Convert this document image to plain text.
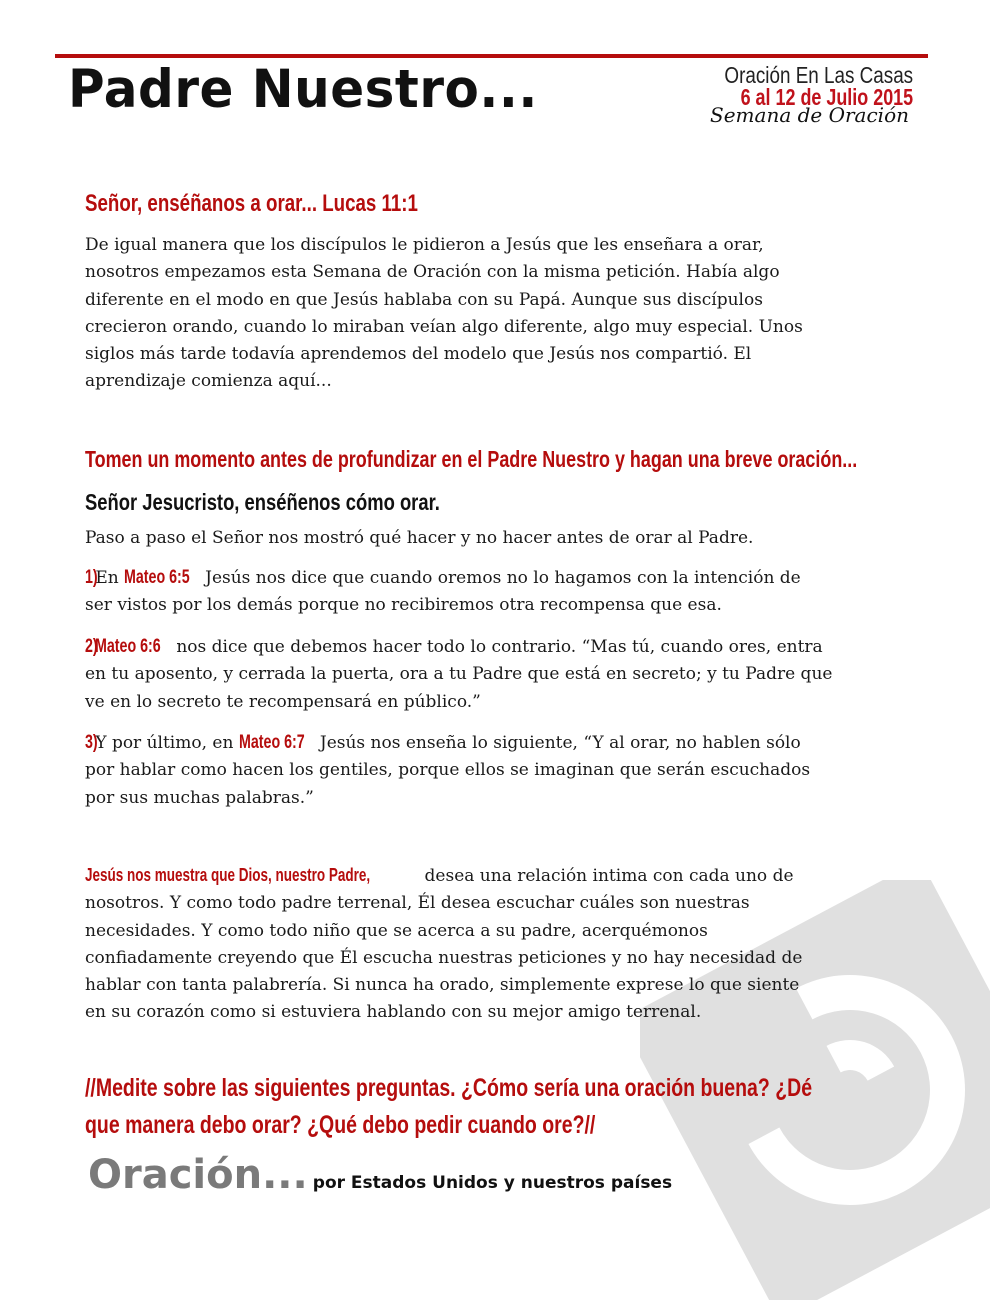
Padre Nuestro...	Oración En Las Casas
6 al 12 de Julio 2015
Semana de Oración
Señor, enséñanos a orar... Lucas 11:1
De igual manera que los discípulos le pidieron a Jesús que les enseñara a orar,
nosotros empezamos esta Semana de Oración con la misma petición. Había algo
diferente en el modo en que Jesús hablaba con su Papá. Aunque sus discípulos
crecieron orando, cuando lo miraban veían algo diferente, algo muy especial. Unos
siglos más tarde todavía aprendemos del modelo que Jesús nos compartió. El
aprendizaje comienza aquí...
Tomen un momento antes de profundizar en el Padre Nuestro y hagan una breve oración...
Señor Jesucristo, enséñenos cómo orar.
Paso a paso el Señor nos mostró qué hacer y no hacer antes de orar al Padre.
1) En Mateo 6:5 Jesús nos dice que cuando oremos no lo hagamos con la intención de
ser vistos por los demás porque no recibiremos otra recompensa que esa.
2) Mateo 6:6 nos dice que debemos hacer todo lo contrario. “Mas tú, cuando ores, entra
en tu aposento, y cerrada la puerta, ora a tu Padre que está en secreto; y tu Padre que
ve en lo secreto te recompensará en público.”
3) Y por último, en Mateo 6:7 Jesús nos enseña lo siguiente, “Y al orar, no hablen sólo
por hablar como hacen los gentiles, porque ellos se imaginan que serán escuchados
por sus muchas palabras.”
Jesús nos muestra que Dios, nuestro Padre,	desea una relación intima con cada uno de
nosotros. Y como todo padre terrenal, Él desea escuchar cuáles son nuestras
necesidades. Y como todo niño que se acerca a su padre, acerquémonos
confiadamente creyendo que Él escucha nuestras peticiones y no hay necesidad de
hablar con tanta palabrería. Si nunca ha orado, simplemente exprese lo que siente
en su corazón como si estuviera hablando con su mejor amigo terrenal.
//Medite sobre las siguientes preguntas. ¿Cómo sería una oración buena? ¿Dé
que manera debo orar? ¿Qué debo pedir cuando ore?//
Oración... por Estados Unidos y nuestros países
